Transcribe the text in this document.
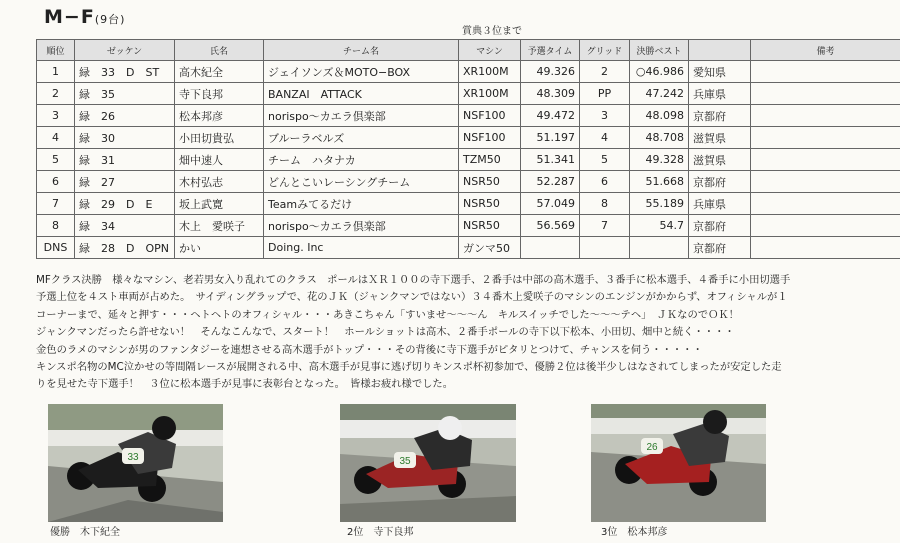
M−F(9台)
賞典３位まで
順位	ゼッケン	氏名	チーム名	マシン	予選タイム	グリッド	決勝ベスト		備考
1	緑　33　D　ST	高木紀全	ジェイソンズ＆MOTO−BOX	XR100M	49.326	2	○46.986	愛知県	
2	緑　35	寺下良邦	BANZAI　ATTACK	XR100M	48.309	PP	47.242	兵庫県	
3	緑　26	松本邦彦	norispo〜カエラ倶楽部	NSF100	49.472	3	48.098	京都府	
4	緑　30	小田切貴弘	ブルーラベルズ	NSF100	51.197	4	48.708	滋賀県	
5	緑　31	畑中速人	チーム　ハタナカ	TZM50	51.341	5	49.328	滋賀県	
6	緑　27	木村弘志	どんとこいレーシングチーム	NSR50	52.287	6	51.668	京都府	
7	緑　29　D　E	坂上武寛	Teamみてるだけ	NSR50	57.049	8	55.189	兵庫県	
8	緑　34	木上　愛咲子	norispo〜カエラ倶楽部	NSR50	56.569	7	54.7	京都府	
DNS	緑　28　D　OPN	かい	Doing. Inc	ガンマ50				京都府	
MFクラス決勝　様々なマシン、老若男女入り乱れてのクラス　ポールはＸＲ１００の寺下選手、２番手は中部の高木選手、３番手に松本選手、４番手に小田切選手
予選上位を４スト車両が占めた。　サイディングラップで、花のＪＫ（ジャンクマンではない）３４番木上愛咲子のマシンのエンジンがかからず、オフィシャルが１
コーナーまで、延々と押す・・・ヘトヘトのオフィシャル・・・あきこちゃん「すいませ〜〜〜ん　キルスイッチでした〜〜〜テヘ」　ＪＫなのでＯＫ！
ジャンクマンだったら許せない！　そんなこんなで、スタート！　ホールショットは高木、２番手ポールの寺下以下松本、小田切、畑中と続く・・・・
金色のラメのマシンが男のファンタジーを連想させる高木選手がトップ・・・その背後に寺下選手がピタリとつけて、チャンスを伺う・・・・・
キンスポ名物のMC泣かせの等間隔レースが展開される中、高木選手が見事に逃げ切りキンスポ杯初参加で、優勝２位は後半少しはなされてしまったが安定した走
りを見せた寺下選手！　３位に松本選手が見事に表彰台となった。　皆様お疲れ様でした。
33
優勝　木下紀全
35
2位　寺下良邦
26
3位　松本邦彦
